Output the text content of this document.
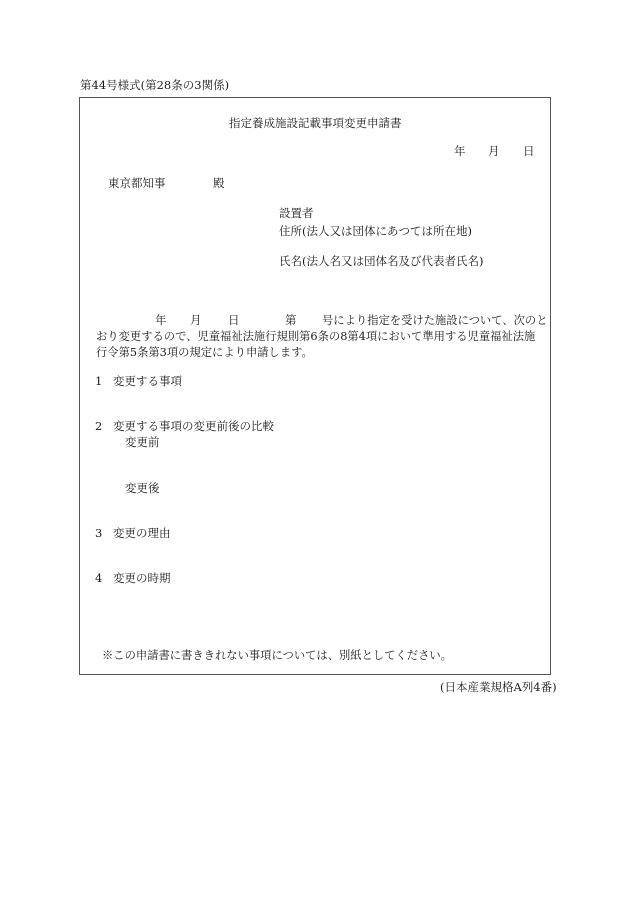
第44号様式(第28条の3関係)
指定養成施設記載事項変更申請書
年 月 日
東京都知事	殿
設置者
住所(法人又は団体にあつては所在地)
氏名(法人名又は団体名及び代表者氏名)
年 月 日	第 号により指定を受けた施設について、次のと
おり変更するので、児童福祉法施行規則第6条の8第4項において準用する児童福祉法施
行令第5条第3項の規定により申請します。
1 変更する事項
2 変更する事項の変更前後の比較
変更前
変更後
3 変更の理由
4 変更の時期
※この申請書に書ききれない事項については、別紙としてください。
(日本産業規格A列4番)
